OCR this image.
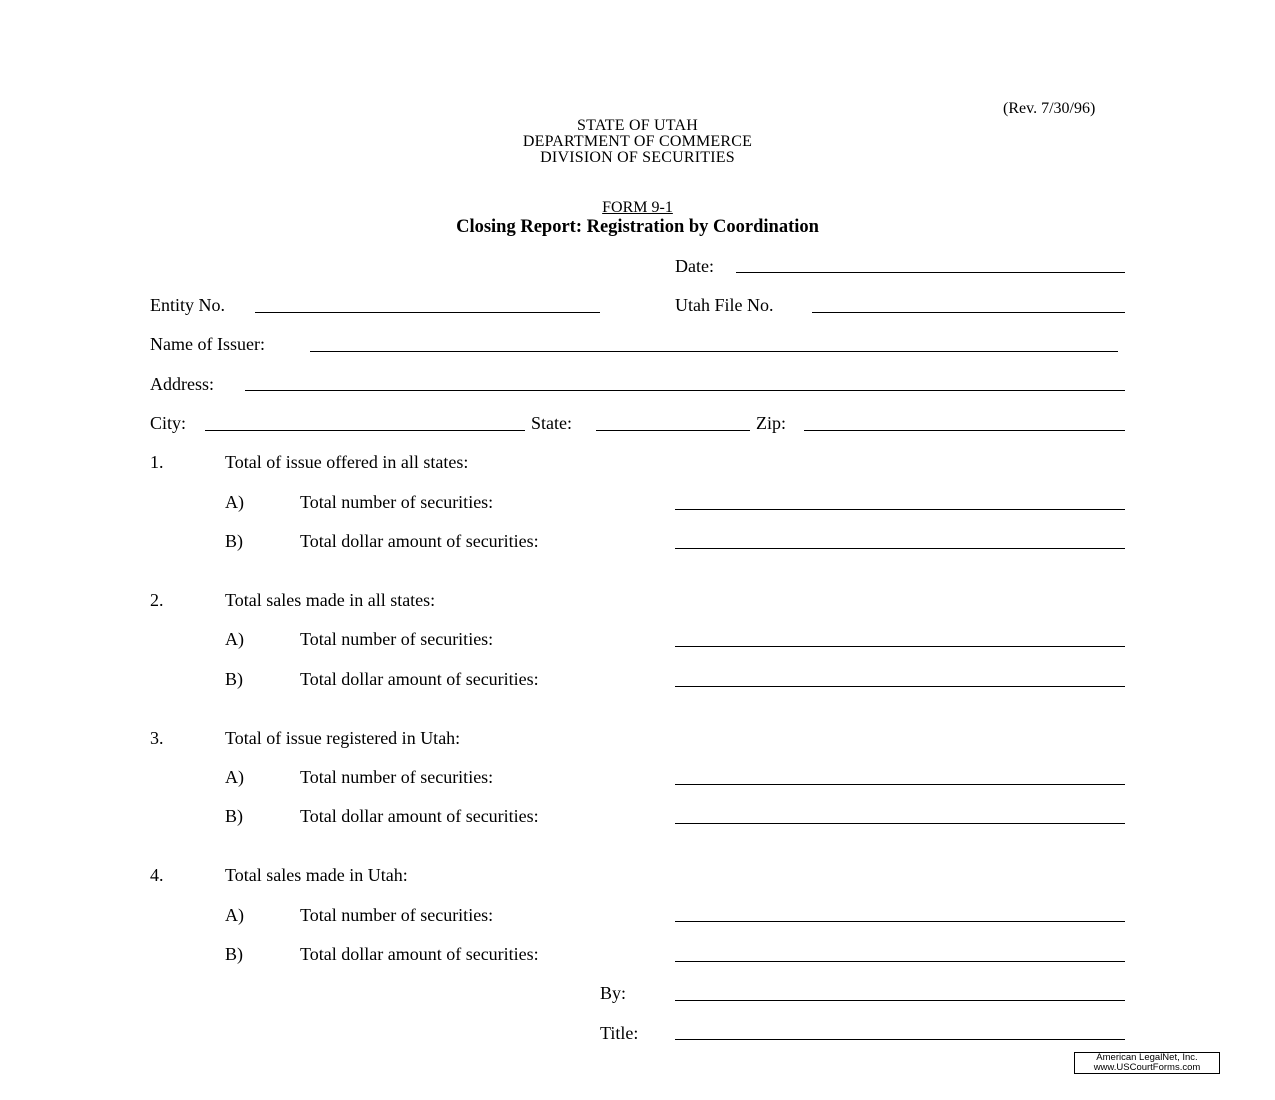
(Rev. 7/30/96)
STATE OF UTAH
DEPARTMENT OF COMMERCE
DIVISION OF SECURITIES
FORM 9-1
Closing Report: Registration by Coordination
Date:
Entity No.	Utah File No.
Name of Issuer:
Address:
City:	State:	Zip:
1.	Total of issue offered in all states:
A)	Total number of securities:
B)	Total dollar amount of securities:
2.	Total sales made in all states:
A)	Total number of securities:
B)	Total dollar amount of securities:
3.	Total of issue registered in Utah:
A)	Total number of securities:
B)	Total dollar amount of securities:
4.	Total sales made in Utah:
A)	Total number of securities:
B)	Total dollar amount of securities:
By:
Title:
American LegalNet, Inc.
www.USCourtForms.com
